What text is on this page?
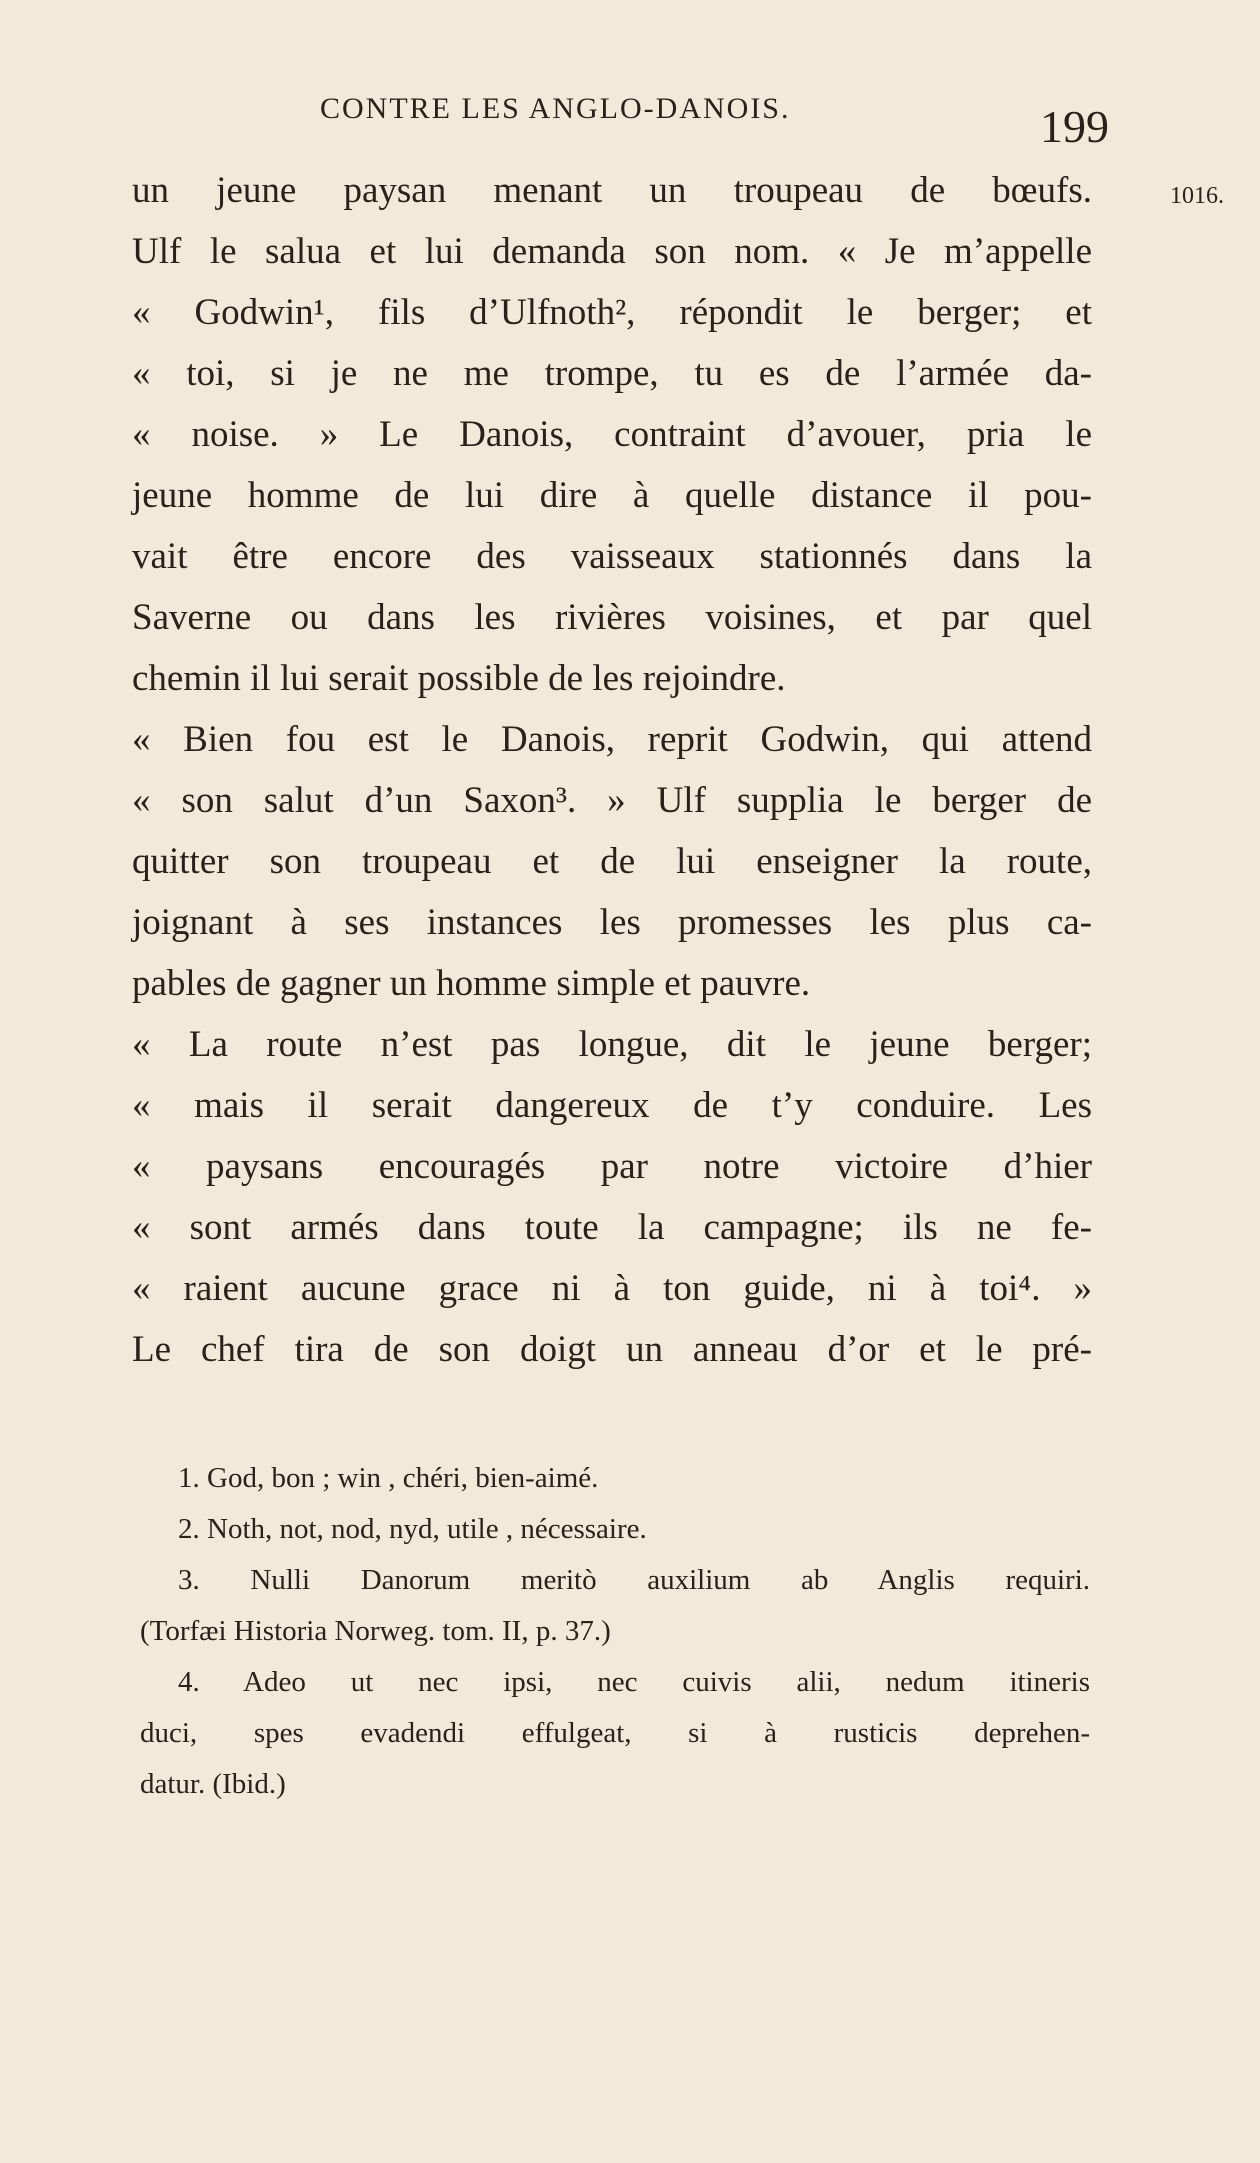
CONTRE LES ANGLO-DANOIS.	199
1016.
un jeune paysan menant un troupeau de bœufs.
Ulf le salua et lui demanda son nom. « Je m’appelle
« Godwin¹, fils d’Ulfnoth², répondit le berger; et
« toi, si je ne me trompe, tu es de l’armée da-
« noise. » Le Danois, contraint d’avouer, pria le
jeune homme de lui dire à quelle distance il pou-
vait être encore des vaisseaux stationnés dans la
Saverne ou dans les rivières voisines, et par quel
chemin il lui serait possible de les rejoindre.
« Bien fou est le Danois, reprit Godwin, qui attend
« son salut d’un Saxon³. » Ulf supplia le berger de
quitter son troupeau et de lui enseigner la route,
joignant à ses instances les promesses les plus ca-
pables de gagner un homme simple et pauvre.
« La route n’est pas longue, dit le jeune berger;
« mais il serait dangereux de t’y conduire. Les
« paysans encouragés par notre victoire d’hier
« sont armés dans toute la campagne; ils ne fe-
« raient aucune grace ni à ton guide, ni à toi⁴. »
Le chef tira de son doigt un anneau d’or et le pré-
1. God, bon ; win , chéri, bien-aimé.
2. Noth, not, nod, nyd, utile , nécessaire.
3. Nulli Danorum meritò auxilium ab Anglis requiri.
(Torfæi Historia Norweg. tom. II, p. 37.)
4. Adeo ut nec ipsi, nec cuivis alii, nedum itineris
duci, spes evadendi effulgeat, si à rusticis deprehen-
datur. (Ibid.)
